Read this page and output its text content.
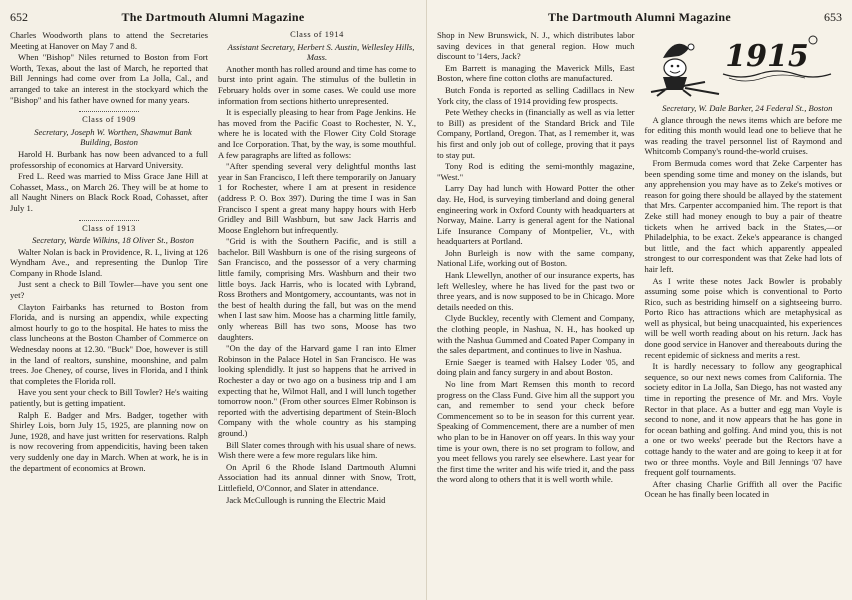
652	The Dartmouth Alumni Magazine

Charles Woodworth plans to attend the Secretaries Meeting at Hanover on May 7 and 8.

When "Bishop" Niles returned to Boston from Fort Worth, Texas, about the last of March, he reported that Bill Jennings had come over from La Jolla, Cal., and arranged to take an interest in the stockyard which the "Bishop" and his father have owned for many years.

Class of 1909

Secretary, Joseph W. Worthen, Shawmut Bank Building, Boston

Harold H. Burbank has now been advanced to a full professorship of economics at Harvard University.

Fred L. Reed was married to Miss Grace Jane Hill at Cohasset, Mass., on March 26. They will be at home to all Naught Niners on Black Rock Road, Cohasset, after July 1.

Class of 1913

Secretary, Warde Wilkins, 18 Oliver St., Boston

Walter Nolan is back in Providence, R. I., living at 126 Wyndham Ave., and representing the Dunlop Tire Company in Rhode Island.

Just sent a check to Bill Towler—have you sent one yet?

Clayton Fairbanks has returned to Boston from Florida, and is nursing an appendix, while expecting almost hourly to go to the hospital. He hates to miss the class luncheons at the Boston Chamber of Commerce on Wednesday noons at 12.30. "Buck" Doe, however is still in the land of realtors, sunshine, moonshine, and palm trees. Joe Cheney, of course, lives in Florida, and I think that completes the Florida roll.

Have you sent your check to Bill Towler? He's waiting patiently, but is getting impatient.

Ralph E. Badger and Mrs. Badger, together with Shirley Lois, born July 15, 1925, are planning now on June, 1928, and have just written for reservations. Ralph is now recovering from appendicitis, having been taken very suddenly one day in March. When at work, he is in the department of economics at Brown.

Class of 1914

Assistant Secretary, Herbert S. Austin, Wellesley Hills, Mass.

Another month has rolled around and time has come to burst into print again. The stimulus of the bulletin in February holds over in some cases. We could use more information from sections hitherto unrepresented.

It is especially pleasing to hear from Page Jenkins. He has moved from the Pacific Coast to Rochester, N. Y., where he is located with the Flower City Cold Storage and Ice Corporation. That, by the way, is some mouthful. A few paragraphs are lifted as follows:

"After spending several very delightful months last year in San Francisco, I left there temporarily on January 1 for Rochester, where I am at present in residence (address P. O. Box 397). During the time I was in San Francisco I spent a great many happy hours with Herb Gridley and Bill Washburn, but saw Jack Harris and Moose Englehorn but infrequently.

"Grid is with the Southern Pacific, and is still a bachelor. Bill Washburn is one of the rising surgeons of San Francisco, and the possessor of a very charming little family, comprising Mrs. Washburn and their two little boys. Jack Harris, who is located with Lybrand, Ross Brothers and Montgomery, accountants, was not in the best of health during the fall, but was on the mend when I last saw him. Moose has a charming little family, only whereas Bill has two sons, Moose has two daughters.

"On the day of the Harvard game I ran into Elmer Robinson in the Palace Hotel in San Francisco. He was looking splendidly. It just so happens that he arrived in Rochester a day or two ago on a business trip and I am expecting that he, Wilmot Hall, and I will lunch together tomorrow noon." (From other sources Elmer Robinson is reported with the advertising department of Stein-Bloch Company with the whole country as his stamping ground.)

Bill Slater comes through with his usual share of news. Wish there were a few more regulars like him.

On April 6 the Rhode Island Dartmouth Alumni Association had its annual dinner with Snow, Trott, Littlefield, O'Connor, and Slater in attendance.

Jack McCullough is running the Electric Maid

The Dartmouth Alumni Magazine	653

Shop in New Brunswick, N. J., which distributes labor saving devices in that general region. How much discount to '14ers, Jack?

Em Barrett is managing the Maverick Mills, East Boston, where fine cotton cloths are manufactured.

Butch Fonda is reported as selling Cadillacs in New York city, the class of 1914 providing few prospects.

Pete Wethey checks in (financially as well as via letter to Bill) as president of the Standard Brick and Tile Company, Portland, Oregon. That, as I remember it, was his first and only job out of college, proving that it pays to stay put.

Tony Rod is editing the semi-monthly magazine, "West."

Larry Day had lunch with Howard Potter the other day. He, Hod, is surveying timberland and doing general engineering work in Oxford County with headquarters at Norway, Maine. Larry is general agent for the National Life Insurance Company of Montpelier, Vt., with headquarters at Portland.

John Burleigh is now with the same company, National Life, working out of Boston.

Hank Llewellyn, another of our insurance experts, has left Wellesley, where he has lived for the past two or three years, and is now supposed to be in Chicago. More details needed on this.

Clyde Buckley, recently with Clement and Company, the clothing people, in Nashua, N. H., has hooked up with the Nashua Gummed and Coated Paper Company in the sales department, and continues to live in Nashua.

Ernie Saeger is teamed with Halsey Loder '05, and doing plain and fancy surgery in and about Boston.

No line from Mart Remsen this month to record progress on the Class Fund. Give him all the support you can, and remember to send your check before Commencement so to be in season for this current year. Speaking of Commencement, there are a number of men who plan to be in Hanover on off years. In this way your time is your own, there is no set program to follow, and you meet fellows you rarely see elsewhere. Last year for the first time the writer and his wife tried it, and the pass the word along to others that it is well worth while.

1915

Secretary, W. Dale Barker, 24 Federal St., Boston

A glance through the news items which are before me for editing this month would lead one to believe that he was reading the travel personnel list of Raymond and Whitcomb Company's round-the-world cruises.

From Bermuda comes word that Zeke Carpenter has been spending some time and money on the islands, but any apprehension you may have as to Zeke's motives or reason for going there should be allayed by the statement that Mrs. Carpenter accompanied him. The report is that Zeke still had money enough to buy a pair of theatre tickets when he arrived back in the States,—or Philadelphia, to be exact. Zeke's appearance is changed but little, and the fact which apparently appealed strongest to our correspondent was that Zeke had lots of hair left.

As I write these notes Jack Bowler is probably assuming some poise which is conventional to Porto Rico, such as bestriding himself on a sightseeing burro. Porto Rico has attractions which are metaphysical as well as physical, but being unacquainted, his experiences will be well worth reading about on his return. Jack has done good service in Hanover and thereabouts during the recent epidemic of sickness and merits a rest.

It is hardly necessary to follow any geographical sequence, so our next news comes from California. The society editor in La Jolla, San Diego, has not wasted any time in reporting the presence of Mr. and Mrs. Voyle Rector in that place. As a butter and egg man Voyle is second to none, and it now appears that he has gone in for ocean bathing and golfing. And mind you, this is not a one or two weeks' peerade but the Rectors have a cottage handy to the water and are going to keep it at for two or three months. Voyle and Bill Jennings '07 have frequent golf tournaments.

After chasing Charlie Griffith all over the Pacific Ocean he has finally been located in
